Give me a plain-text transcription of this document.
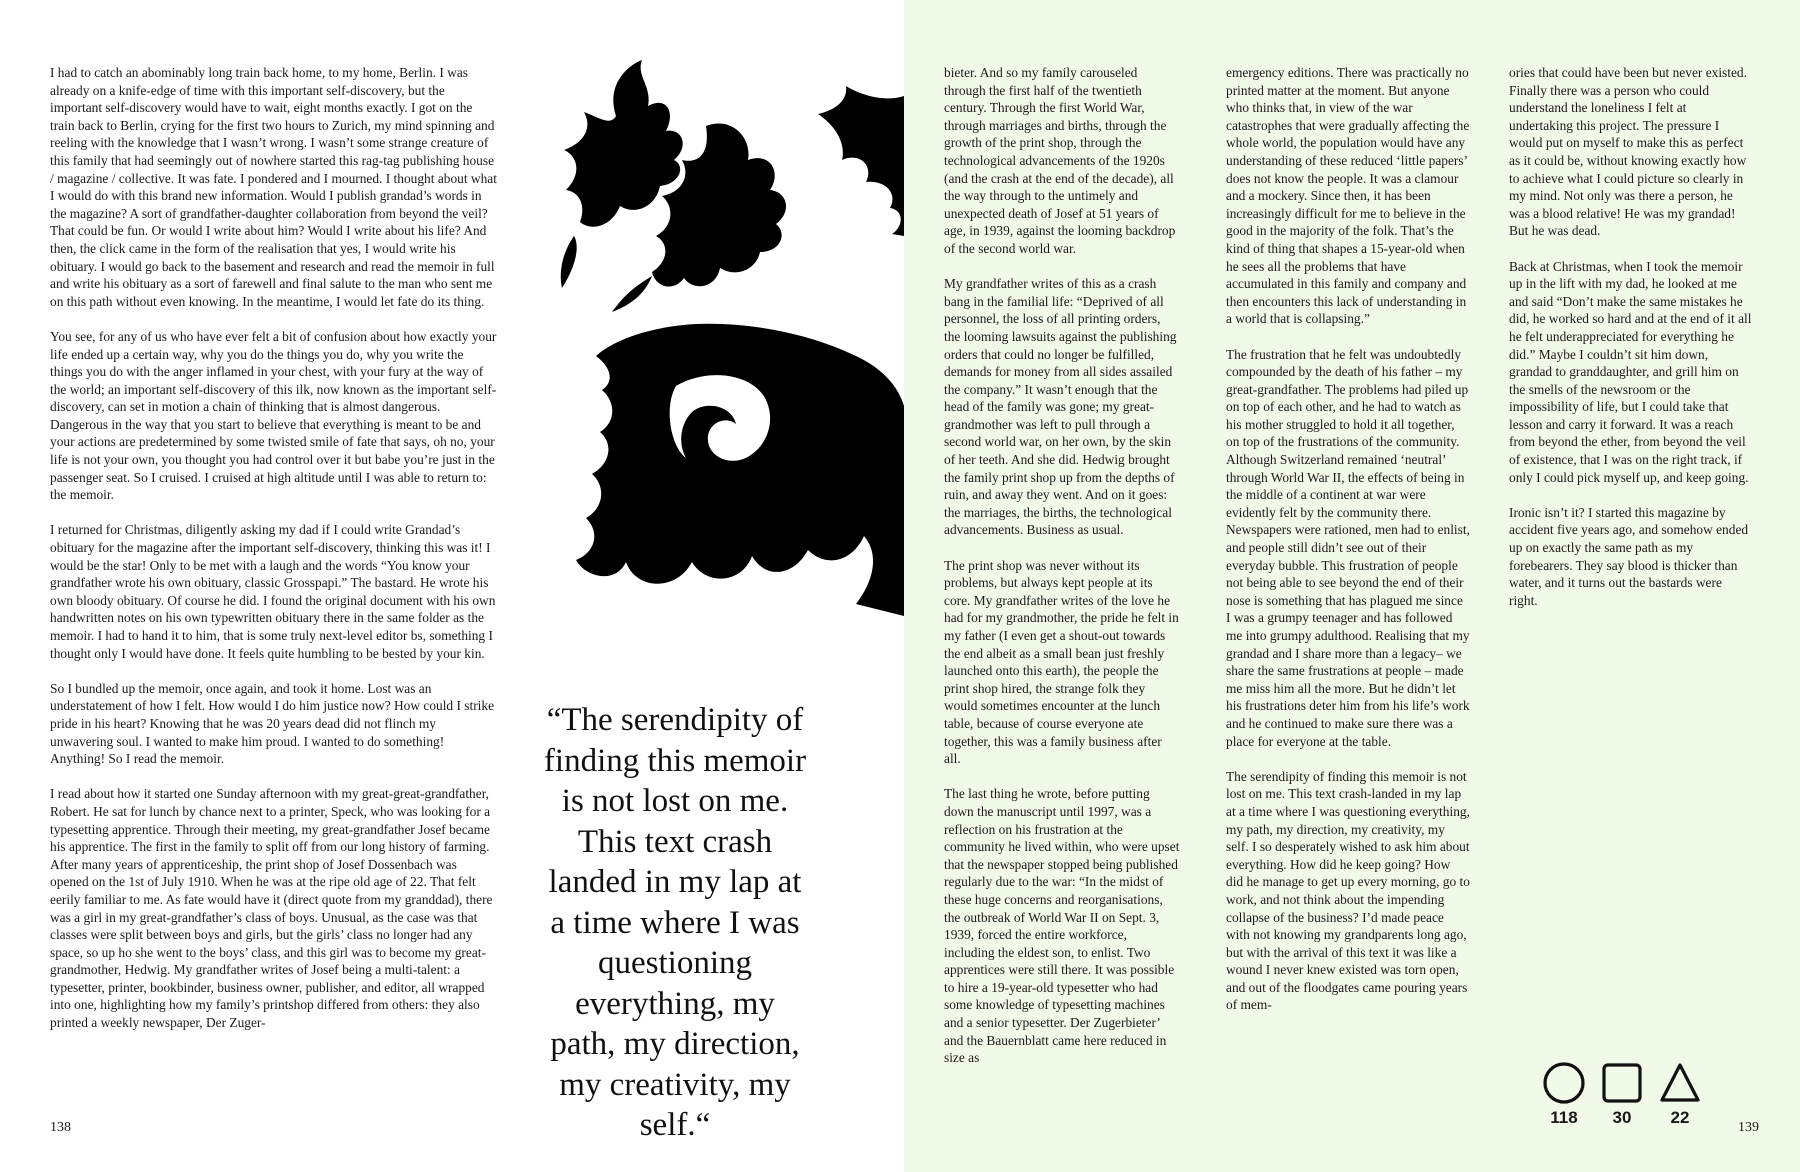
I had to catch an abominably long train back home, to my home, Berlin. I was already on a knife-edge of time with this important self-discovery, but the important self-discovery would have to wait, eight months exactly. I got on the train back to Berlin, crying for the first two hours to Zurich, my mind spinning and reeling with the knowledge that I wasn’t wrong. I wasn’t some strange creature of this family that had seemingly out of nowhere started this rag-tag publishing house / magazine / collective. It was fate. I pondered and I mourned. I thought about what I would do with this brand new information. Would I publish grandad’s words in the magazine? A sort of grandfather-daughter collaboration from beyond the veil? That could be fun. Or would I write about him? Would I write about his life? And then, the click came in the form of the realisation that yes, I would write his obituary. I would go back to the basement and research and read the memoir in full and write his obituary as a sort of farewell and final salute to the man who sent me on this path without even knowing. In the meantime, I would let fate do its thing.

You see, for any of us who have ever felt a bit of confusion about how exactly your life ended up a certain way, why you do the things you do, why you write the things you do with the anger inflamed in your chest, with your fury at the way of the world; an important self-discovery of this ilk, now known as the important self-discovery, can set in motion a chain of thinking that is almost dangerous. Dangerous in the way that you start to believe that everything is meant to be and your actions are predetermined by some twisted smile of fate that says, oh no, your life is not your own, you thought you had control over it but babe you’re just in the passenger seat. So I cruised. I cruised at high altitude until I was able to return to: the memoir.

I returned for Christmas, diligently asking my dad if I could write Grandad’s obituary for the magazine after the important self-discovery, thinking this was it! I would be the star! Only to be met with a laugh and the words “You know your grandfather wrote his own obituary, classic Grosspapi.” The bastard. He wrote his own bloody obituary. Of course he did. I found the original document with his own handwritten notes on his own typewritten obituary there in the same folder as the memoir. I had to hand it to him, that is some truly next-level editor bs, something I thought only I would have done. It feels quite humbling to be bested by your kin.

So I bundled up the memoir, once again, and took it home. Lost was an understatement of how I felt. How would I do him justice now? How could I strike pride in his heart? Knowing that he was 20 years dead did not flinch my unwavering soul. I wanted to make him proud. I wanted to do something! Anything! So I read the memoir.

I read about how it started one Sunday afternoon with my great-great-grandfather, Robert. He sat for lunch by chance next to a printer, Speck, who was looking for a typesetting apprentice. Through their meeting, my great-grandfather Josef became his apprentice. The first in the family to split off from our long history of farming. After many years of apprenticeship, the print shop of Josef Dossenbach was opened on the 1st of July 1910. When he was at the ripe old age of 22. That felt eerily familiar to me. As fate would have it (direct quote from my granddad), there was a girl in my great-grandfather’s class of boys. Unusual, as the case was that classes were split between boys and girls, but the girls’ class no longer had any space, so up ho she went to the boys’ class, and this girl was to become my great-grandmother, Hedwig. My grandfather writes of Josef being a multi-talent: a typesetter, printer, bookbinder, business owner, publisher, and editor, all wrapped into one, highlighting how my family’s printshop differed from others: they also printed a weekly newspaper, Der Zuger-

“The serendipity of finding this memoir is not lost on me. This text crash landed in my lap at a time where I was questioning everything, my path, my direction, my creativity, my self.“
138

bieter. And so my family carouseled through the first half of the twentieth century. Through the first World War, through marriages and births, through the growth of the print shop, through the technological advancements of the 1920s (and the crash at the end of the decade), all the way through to the untimely and unexpected death of Josef at 51 years of age, in 1939, against the looming backdrop of the second world war.

My grandfather writes of this as a crash bang in the familial life: “Deprived of all personnel, the loss of all printing orders, the looming lawsuits against the publishing orders that could no longer be fulfilled, demands for money from all sides assailed the company.” It wasn’t enough that the head of the family was gone; my great-grandmother was left to pull through a second world war, on her own, by the skin of her teeth. And she did. Hedwig brought the family print shop up from the depths of ruin, and away they went. And on it goes: the marriages, the births, the technological advancements. Business as usual.

The print shop was never without its problems, but always kept people at its core. My grandfather writes of the love he had for my grandmother, the pride he felt in my father (I even get a shout-out towards the end albeit as a small bean just freshly launched onto this earth), the people the print shop hired, the strange folk they would sometimes encounter at the lunch table, because of course everyone ate together, this was a family business after all.

The last thing he wrote, before putting down the manuscript until 1997, was a reflection on his frustration at the community he lived within, who were upset that the newspaper stopped being published regularly due to the war: “In the midst of these huge concerns and reorganisations, the outbreak of World War II on Sept. 3, 1939, forced the entire workforce, including the eldest son, to enlist. Two apprentices were still there. It was possible to hire a 19-year-old typesetter who had some knowledge of typesetting machines and a senior typesetter. Der Zugerbieter’ and the Bauernblatt came here reduced in size as

emergency editions. There was practically no printed matter at the moment. But anyone who thinks that, in view of the war catastrophes that were gradually affecting the whole world, the population would have any understanding of these reduced ‘little papers’ does not know the people. It was a clamour and a mockery. Since then, it has been increasingly difficult for me to believe in the good in the majority of the folk. That’s the kind of thing that shapes a 15-year-old when he sees all the problems that have accumulated in this family and company and then encounters this lack of understanding in a world that is collapsing.”

The frustration that he felt was undoubtedly compounded by the death of his father – my great-grandfather. The problems had piled up on top of each other, and he had to watch as his mother struggled to hold it all together, on top of the frustrations of the community. Although Switzerland remained ‘neutral’ through World War II, the effects of being in the middle of a continent at war were evidently felt by the community there. Newspapers were rationed, men had to enlist, and people still didn’t see out of their everyday bubble. This frustration of people not being able to see beyond the end of their nose is something that has plagued me since I was a grumpy teenager and has followed me into grumpy adulthood. Realising that my grandad and I share more than a legacy– we share the same frustrations at people – made me miss him all the more. But he didn’t let his frustrations deter him from his life’s work and he continued to make sure there was a place for everyone at the table.

The serendipity of finding this memoir is not lost on me. This text crash-landed in my lap at a time where I was questioning everything, my path, my direction, my creativity, my self. I so desperately wished to ask him about everything. How did he keep going? How did he manage to get up every morning, go to work, and not think about the impending collapse of the business? I’d made peace with not knowing my grandparents long ago, but with the arrival of this text it was like a wound I never knew existed was torn open, and out of the floodgates came pouring years of mem-

ories that could have been but never existed. Finally there was a person who could understand the loneliness I felt at undertaking this project. The pressure I would put on myself to make this as perfect as it could be, without knowing exactly how to achieve what I could picture so clearly in my mind. Not only was there a person, he was a blood relative! He was my grandad! But he was dead.

Back at Christmas, when I took the memoir up in the lift with my dad, he looked at me and said “Don’t make the same mistakes he did, he worked so hard and at the end of it all he felt underappreciated for everything he did.” Maybe I couldn’t sit him down, grandad to granddaughter, and grill him on the smells of the newsroom or the impossibility of life, but I could take that lesson and carry it forward. It was a reach from beyond the ether, from beyond the veil of existence, that I was on the right track, if only I could pick myself up, and keep going.

Ironic isn’t it? I started this magazine by accident five years ago, and somehow ended up on exactly the same path as my forebearers. They say blood is thicker than water, and it turns out the bastards were right.

118 30 22
139
